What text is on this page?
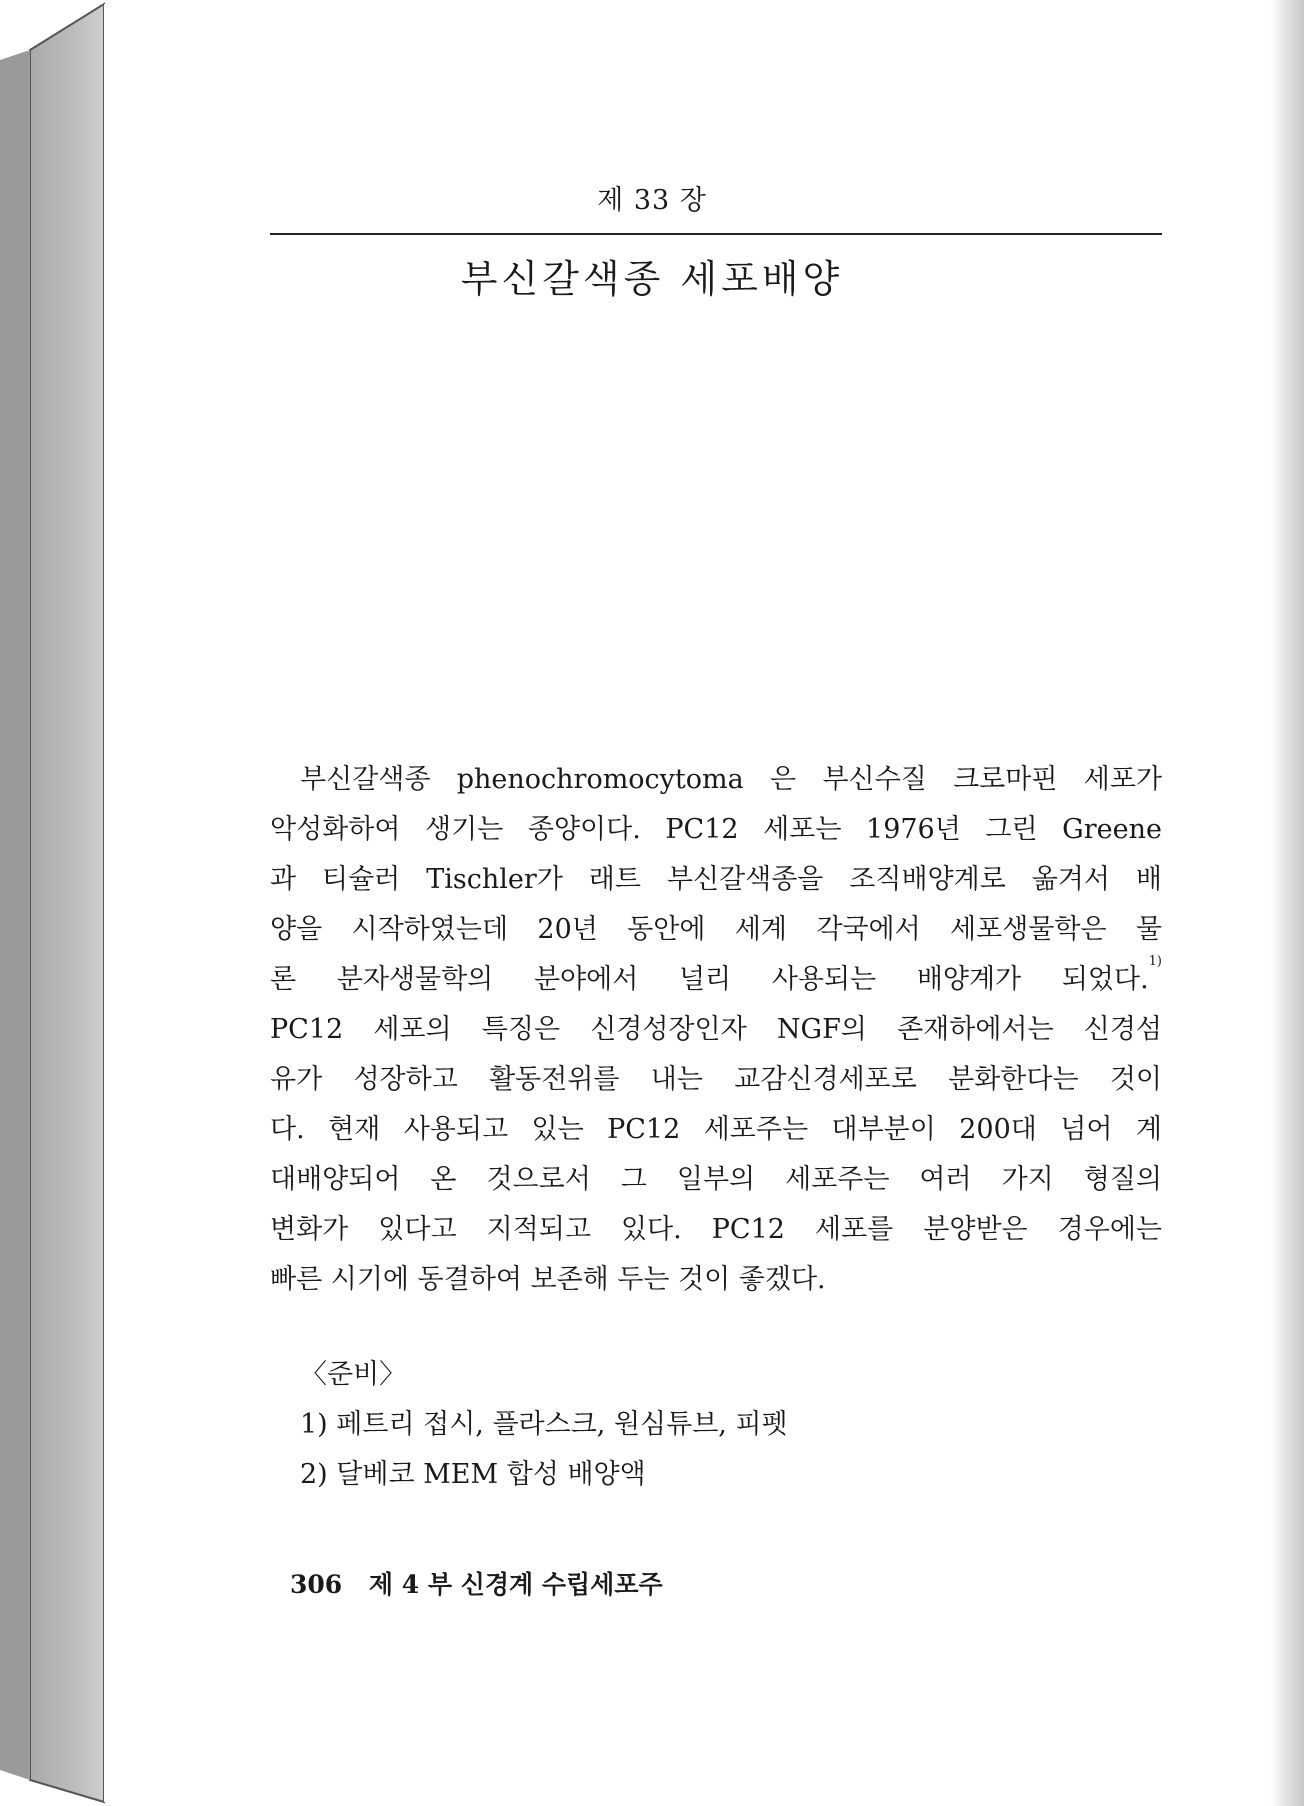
제 33 장
부신갈색종 세포배양
부신갈색종 phenochromocytoma 은 부신수질 크로마핀 세포가
악성화하여 생기는 종양이다. PC12 세포는 1976년 그린 Greene
과 티슐러 Tischler가 래트 부신갈색종을 조직배양계로 옮겨서 배
양을 시작하였는데 20년 동안에 세계 각국에서 세포생물학은 물
론 분자생물학의 분야에서 널리 사용되는 배양계가 되었다.$^{1)}$
PC12 세포의 특징은 신경성장인자 NGF의 존재하에서는 신경섬
유가 성장하고 활동전위를 내는 교감신경세포로 분화한다는 것이
다. 현재 사용되고 있는 PC12 세포주는 대부분이 200대 넘어 계
대배양되어 온 것으로서 그 일부의 세포주는 여러 가지 형질의
변화가 있다고 지적되고 있다. PC12 세포를 분양받은 경우에는
빠른 시기에 동결하여 보존해 두는 것이 좋겠다.
〈준비〉
1) 페트리 접시, 플라스크, 원심튜브, 피펫
2) 달베코 MEM 합성 배양액
306 제 4 부 신경계 수립세포주
